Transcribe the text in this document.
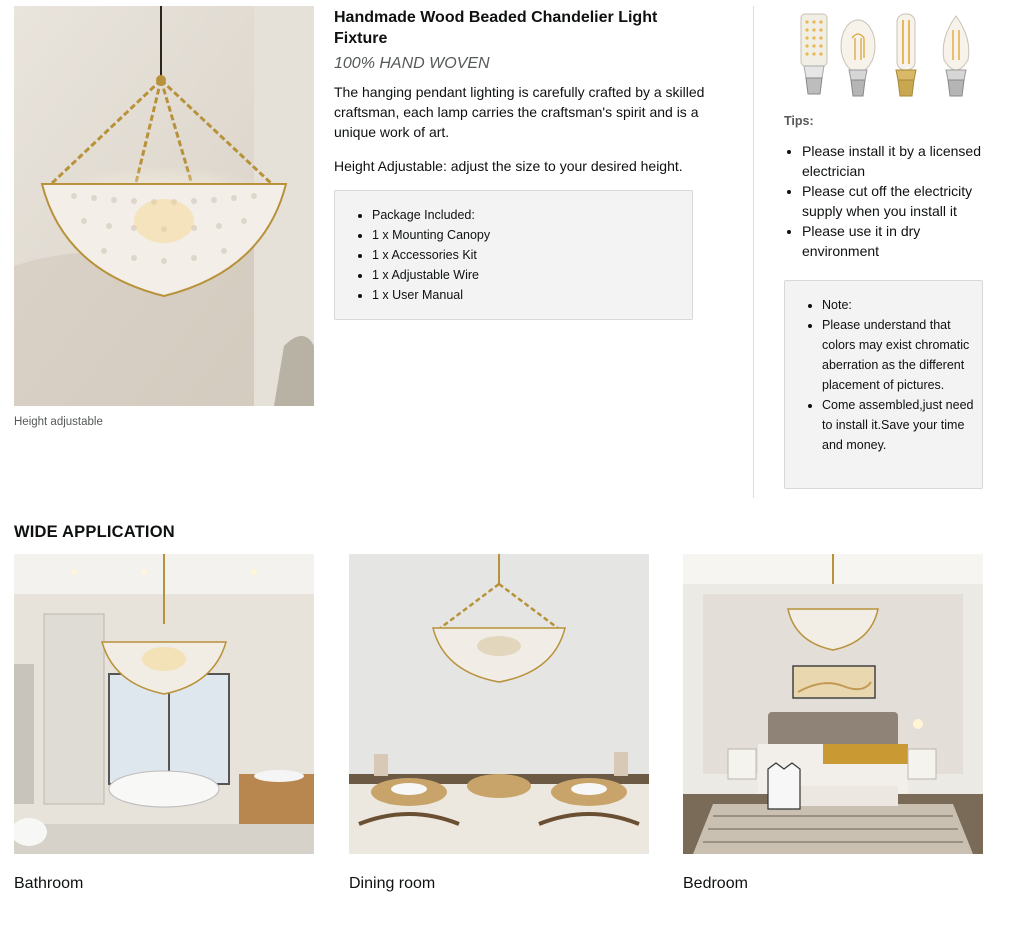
Height adjustable
Handmade Wood Beaded Chandelier Light Fixture
100% HAND WOVEN
The hanging pendant lighting is carefully crafted by a skilled craftsman, each lamp carries the craftsman's spirit and is a unique work of art.
Height Adjustable: adjust the size to your desired height.
• Package Included:
• 1 x Mounting Canopy
• 1 x Accessories Kit
• 1 x Adjustable Wire
• 1 x User Manual
Tips:
• Please install it by a licensed electrician
• Please cut off the electricity supply when you install it
• Please use it in dry environment
• Note:
• Please understand that colors may exist chromatic aberration as the different placement of pictures.
• Come assembled,just need to install it.Save your time and money.
WIDE APPLICATION
Bathroom	Dining room	Bedroom
